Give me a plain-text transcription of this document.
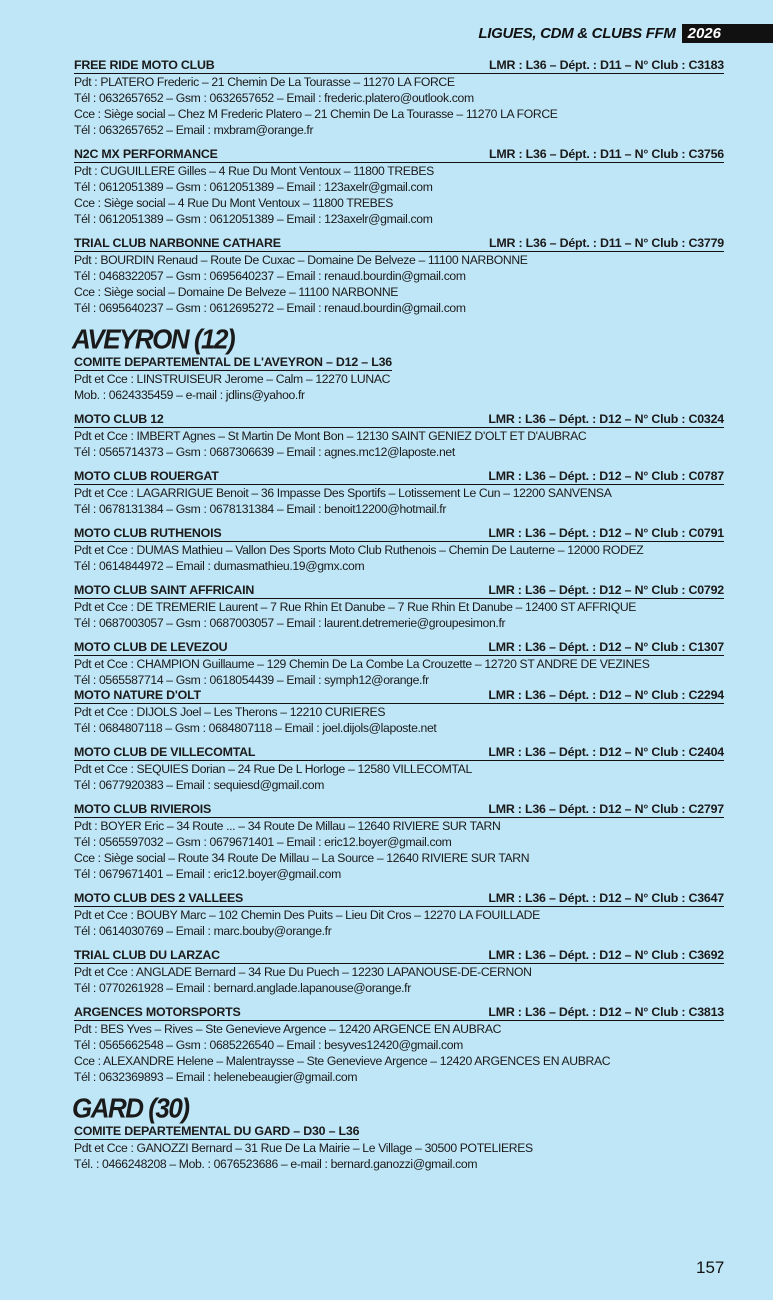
LIGUES, CDM & CLUBS FFM 2026
FREE RIDE MOTO CLUB	LMR : L36 – Dépt. : D11 – N° Club : C3183
Pdt : PLATERO Frederic – 21 Chemin De La Tourasse – 11270 LA FORCE
Tél : 0632657652 – Gsm : 0632657652 – Email : frederic.platero@outlook.com
Cce : Siège social – Chez M Frederic Platero – 21 Chemin De La Tourasse – 11270 LA FORCE
Tél : 0632657652 – Email : mxbram@orange.fr
N2C MX PERFORMANCE	LMR : L36 – Dépt. : D11 – N° Club : C3756
Pdt : CUGUILLERE Gilles – 4 Rue Du Mont Ventoux – 11800 TREBES
Tél : 0612051389 – Gsm : 0612051389 – Email : 123axelr@gmail.com
Cce : Siège social – 4 Rue Du Mont Ventoux – 11800 TREBES
Tél : 0612051389 – Gsm : 0612051389 – Email : 123axelr@gmail.com
TRIAL CLUB NARBONNE CATHARE	LMR : L36 – Dépt. : D11 – N° Club : C3779
Pdt : BOURDIN Renaud – Route De Cuxac – Domaine De Belveze – 11100 NARBONNE
Tél : 0468322057 – Gsm : 0695640237 – Email : renaud.bourdin@gmail.com
Cce : Siège social – Domaine De Belveze – 11100 NARBONNE
Tél : 0695640237 – Gsm : 0612695272 – Email : renaud.bourdin@gmail.com
AVEYRON (12)
COMITE DEPARTEMENTAL DE L'AVEYRON – D12 – L36
Pdt et Cce : LINSTRUISEUR Jerome – Calm – 12270 LUNAC
Mob. : 0624335459 – e-mail : jdlins@yahoo.fr
MOTO CLUB 12	LMR : L36 – Dépt. : D12 – N° Club : C0324
Pdt et Cce : IMBERT Agnes – St Martin De Mont Bon – 12130 SAINT GENIEZ D'OLT ET D'AUBRAC
Tél : 0565714373 – Gsm : 0687306639 – Email : agnes.mc12@laposte.net
MOTO CLUB ROUERGAT	LMR : L36 – Dépt. : D12 – N° Club : C0787
Pdt et Cce : LAGARRIGUE Benoit – 36 Impasse Des Sportifs – Lotissement Le Cun – 12200 SANVENSA
Tél : 0678131384 – Gsm : 0678131384 – Email : benoit12200@hotmail.fr
MOTO CLUB RUTHENOIS	LMR : L36 – Dépt. : D12 – N° Club : C0791
Pdt et Cce : DUMAS Mathieu – Vallon Des Sports Moto Club Ruthenois – Chemin De Lauterne – 12000 RODEZ
Tél : 0614844972 – Email : dumasmathieu.19@gmx.com
MOTO CLUB SAINT AFFRICAIN	LMR : L36 – Dépt. : D12 – N° Club : C0792
Pdt et Cce : DE TREMERIE Laurent – 7 Rue Rhin Et Danube – 7 Rue Rhin Et Danube – 12400 ST AFFRIQUE
Tél : 0687003057 – Gsm : 0687003057 – Email : laurent.detremerie@groupesimon.fr
MOTO CLUB DE LEVEZOU	LMR : L36 – Dépt. : D12 – N° Club : C1307
Pdt et Cce : CHAMPION Guillaume – 129 Chemin De La Combe La Crouzette – 12720 ST ANDRE DE VEZINES
Tél : 0565587714 – Gsm : 0618054439 – Email : symph12@orange.fr
MOTO NATURE D'OLT	LMR : L36 – Dépt. : D12 – N° Club : C2294
Pdt et Cce : DIJOLS Joel – Les Therons – 12210 CURIERES
Tél : 0684807118 – Gsm : 0684807118 – Email : joel.dijols@laposte.net
MOTO CLUB DE VILLECOMTAL	LMR : L36 – Dépt. : D12 – N° Club : C2404
Pdt et Cce : SEQUIES Dorian – 24 Rue De L Horloge – 12580 VILLECOMTAL
Tél : 0677920383 – Email : sequiesd@gmail.com
MOTO CLUB RIVIEROIS	LMR : L36 – Dépt. : D12 – N° Club : C2797
Pdt : BOYER Eric – 34 Route ... – 34 Route De Millau – 12640 RIVIERE SUR TARN
Tél : 0565597032 – Gsm : 0679671401 – Email : eric12.boyer@gmail.com
Cce : Siège social – Route 34 Route De Millau – La Source – 12640 RIVIERE SUR TARN
Tél : 0679671401 – Email : eric12.boyer@gmail.com
MOTO CLUB DES 2 VALLEES	LMR : L36 – Dépt. : D12 – N° Club : C3647
Pdt et Cce : BOUBY Marc – 102 Chemin Des Puits – Lieu Dit Cros – 12270 LA FOUILLADE
Tél : 0614030769 – Email : marc.bouby@orange.fr
TRIAL CLUB DU LARZAC	LMR : L36 – Dépt. : D12 – N° Club : C3692
Pdt et Cce : ANGLADE Bernard – 34 Rue Du Puech – 12230 LAPANOUSE-DE-CERNON
Tél : 0770261928 – Email : bernard.anglade.lapanouse@orange.fr
ARGENCES MOTORSPORTS	LMR : L36 – Dépt. : D12 – N° Club : C3813
Pdt : BES Yves – Rives – Ste Genevieve Argence – 12420 ARGENCE EN AUBRAC
Tél : 0565662548 – Gsm : 0685226540 – Email : besyves12420@gmail.com
Cce : ALEXANDRE Helene – Malentraysse – Ste Genevieve Argence – 12420 ARGENCES EN AUBRAC
Tél : 0632369893 – Email : helenebeaugier@gmail.com
GARD (30)
COMITE DEPARTEMENTAL DU GARD – D30 – L36
Pdt et Cce : GANOZZI Bernard – 31 Rue De La Mairie – Le Village – 30500 POTELIERES
Tél. : 0466248208 – Mob. : 0676523686 – e-mail : bernard.ganozzi@gmail.com
157
